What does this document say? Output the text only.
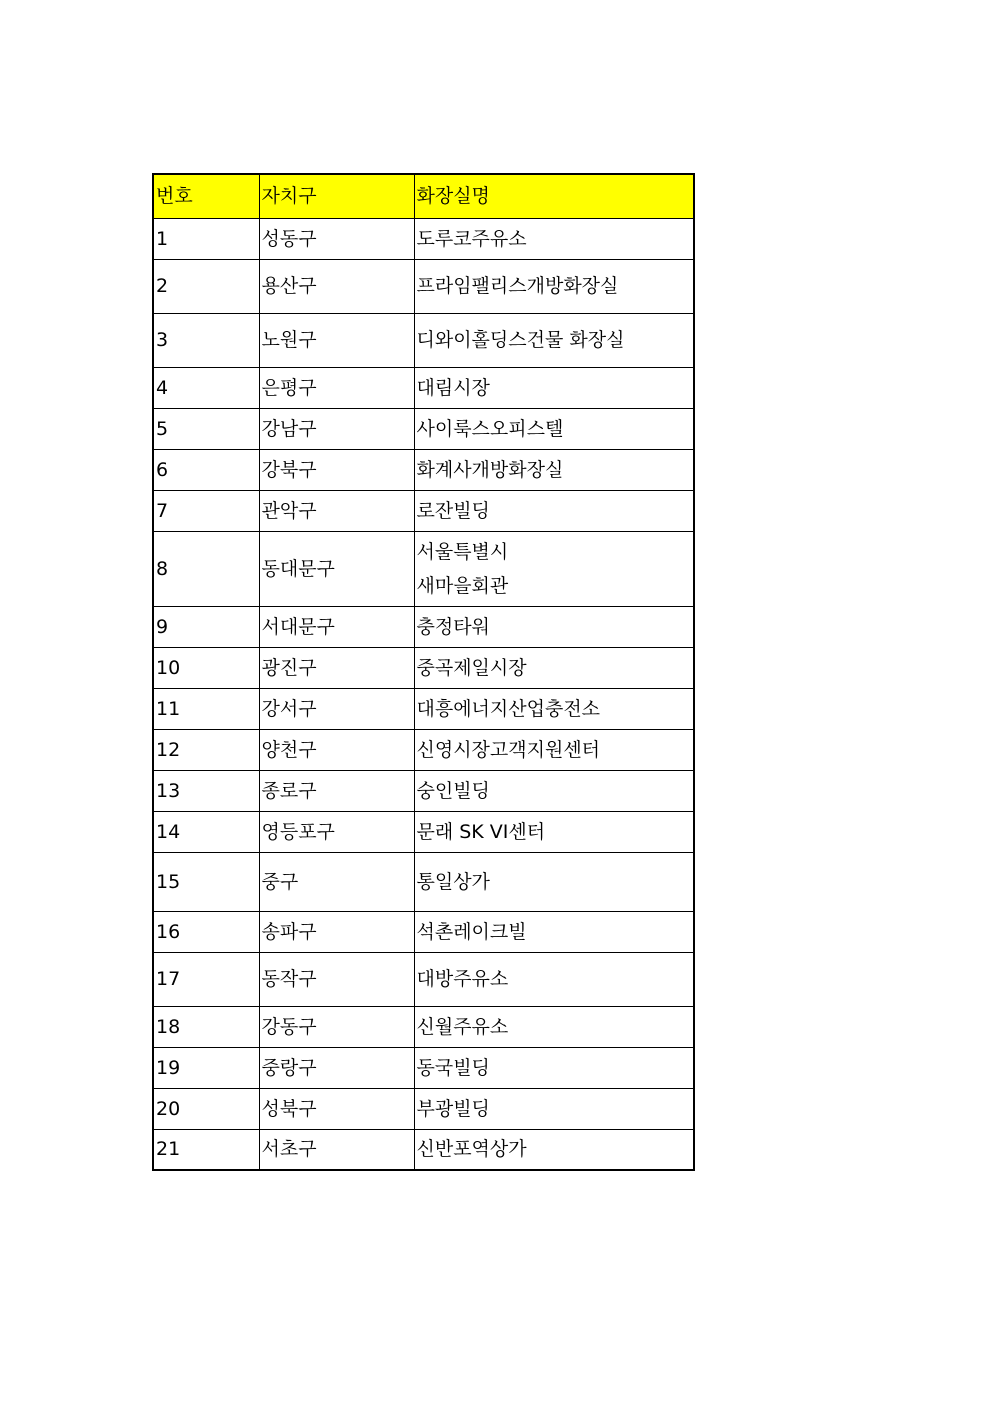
번호	자치구	화장실명
1	성동구	도루코주유소

2	용산구	프라임팰리스개방화장실

3	노원구	디와이홀딩스건물 화장실

4	은평구	대림시장

5	강남구	사이룩스오피스텔

6	강북구	화계사개방화장실

7	관악구	로잔빌딩

8	동대문구	서울특별시
새마을회관

9	서대문구	충정타워

10	광진구	중곡제일시장

11	강서구	대흥에너지산업충전소

12	양천구	신영시장고객지원센터

13	종로구	숭인빌딩

14	영등포구	문래 SK VI센터

15	중구	통일상가

16	송파구	석촌레이크빌

17	동작구	대방주유소

18	강동구	신월주유소

19	중랑구	동국빌딩

20	성북구	부광빌딩

21	서초구	신반포역상가
